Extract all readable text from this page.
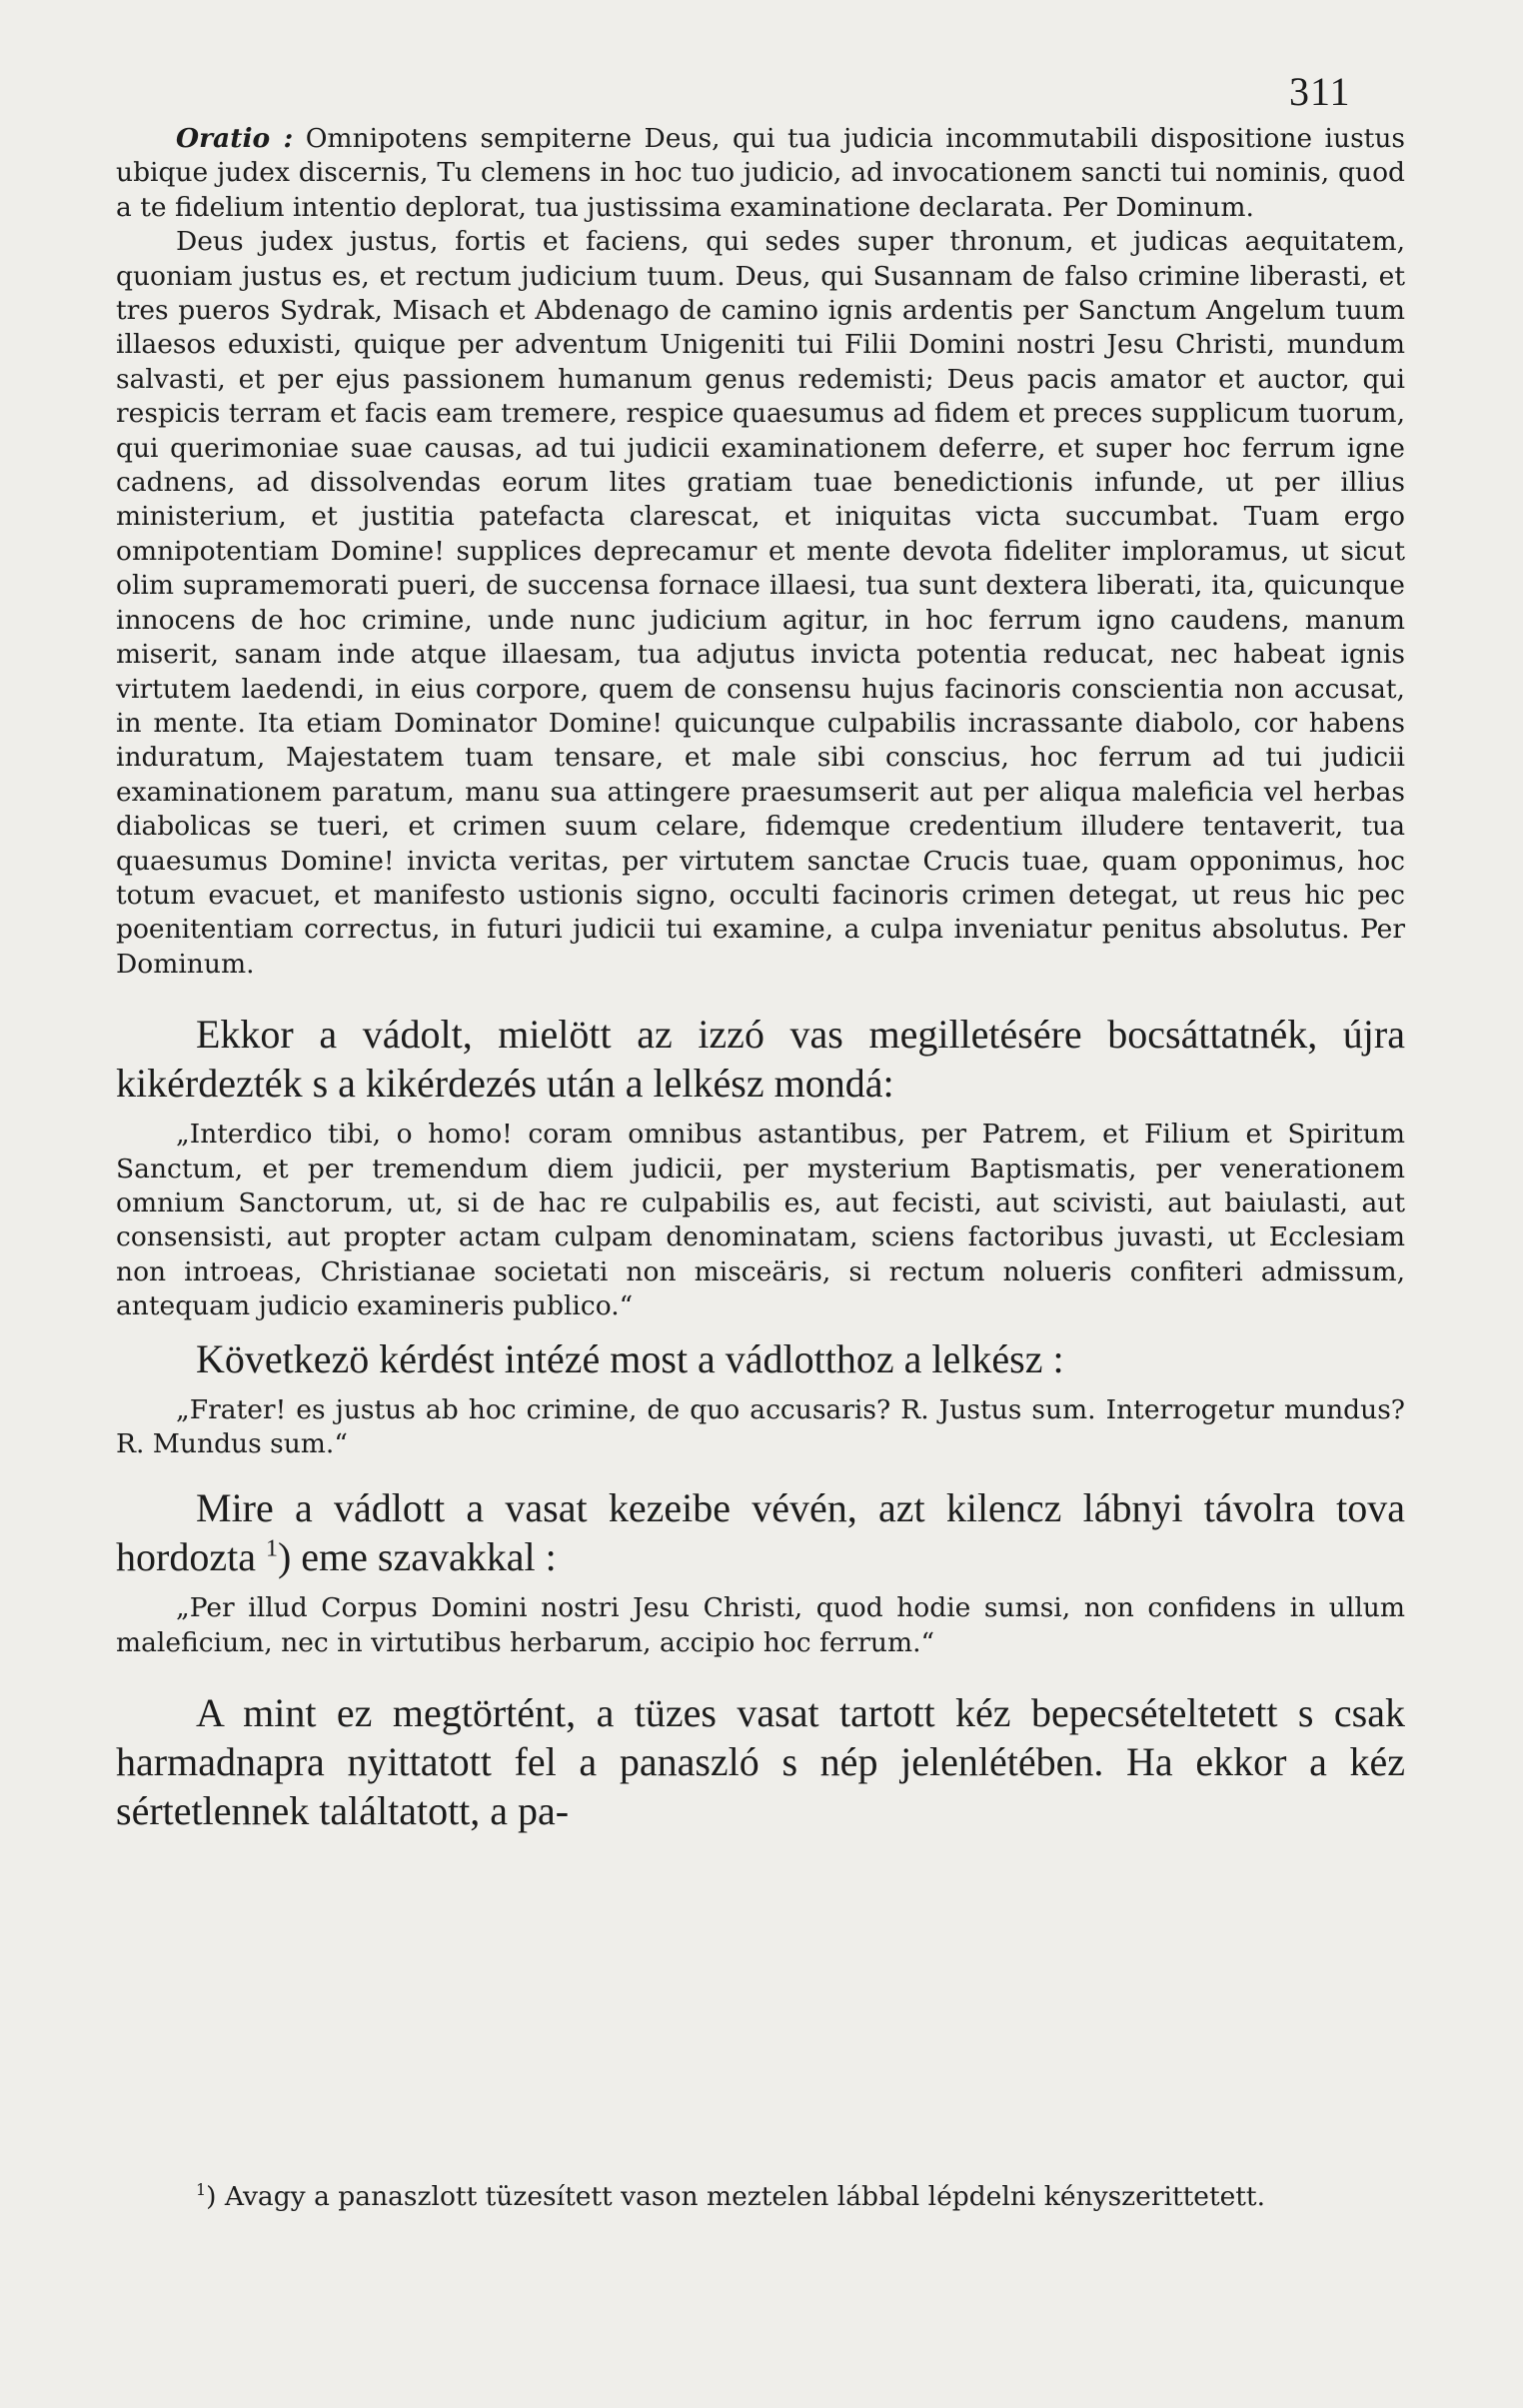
311

Oratio : Omnipotens sempiterne Deus, qui tua judicia incommutabili dispositione iustus ubique judex discernis, Tu clemens in hoc tuo judicio, ad invocationem sancti tui nominis, quod a te fidelium intentio deplorat, tua justissima examinatione declarata. Per Dominum.

Deus judex justus, fortis et faciens, qui sedes super thronum, et judicas aequitatem, quoniam justus es, et rectum judicium tuum. Deus, qui Susannam de falso crimine liberasti, et tres pueros Sydrak, Misach et Abdenago de camino ignis ardentis per Sanctum Angelum tuum illaesos eduxisti, quique per adventum Unigeniti tui Filii Domini nostri Jesu Christi, mundum salvasti, et per ejus passionem humanum genus redemisti; Deus pacis amator et auctor, qui respicis terram et facis eam tremere, respice quaesumus ad fidem et preces supplicum tuorum, qui querimoniae suae causas, ad tui judicii examinationem deferre, et super hoc ferrum igne cadnens, ad dissolvendas eorum lites gratiam tuae benedictionis infunde, ut per illius ministerium, et justitia patefacta clarescat, et iniquitas victa succumbat. Tuam ergo omnipotentiam Domine! supplices deprecamur et mente devota fideliter imploramus, ut sicut olim supramemorati pueri, de succensa fornace illaesi, tua sunt dextera liberati, ita, quicunque innocens de hoc crimine, unde nunc judicium agitur, in hoc ferrum igno caudens, manum miserit, sanam inde atque illaesam, tua adjutus invicta potentia reducat, nec habeat ignis virtutem laedendi, in eius corpore, quem de consensu hujus facinoris conscientia non accusat, in mente. Ita etiam Dominator Domine! quicunque culpabilis incrassante diabolo, cor habens induratum, Majestatem tuam tensare, et male sibi conscius, hoc ferrum ad tui judicii examinationem paratum, manu sua attingere praesumserit aut per aliqua maleficia vel herbas diabolicas se tueri, et crimen suum celare, fidemque credentium illudere tentaverit, tua quaesumus Domine! invicta veritas, per virtutem sanctae Crucis tuae, quam opponimus, hoc totum evacuet, et manifesto ustionis signo, occulti facinoris crimen detegat, ut reus hic pec poenitentiam correctus, in futuri judicii tui examine, a culpa inveniatur penitus absolutus. Per Dominum.

Ekkor a vádolt, mielött az izzó vas megilletésére bocsáttatnék, újra kikérdezték s a kikérdezés után a lelkész mondá:

„Interdico tibi, o homo! coram omnibus astantibus, per Patrem, et Filium et Spiritum Sanctum, et per tremendum diem judicii, per mysterium Baptismatis, per venerationem omnium Sanctorum, ut, si de hac re culpabilis es, aut fecisti, aut scivisti, aut baiulasti, aut consensisti, aut propter actam culpam denominatam, sciens factoribus juvasti, ut Ecclesiam non introeas, Christianae societati non misceäris, si rectum nolueris confiteri admissum, antequam judicio examineris publico.“

Következö kérdést intézé most a vádlotthoz a lelkész :

„Frater! es justus ab hoc crimine, de quo accusaris? R. Justus sum. Interrogetur mundus? R. Mundus sum.“

Mire a vádlott a vasat kezeibe vévén, azt kilencz lábnyi távolra tova hordozta $^1$) eme szavakkal :

„Per illud Corpus Domini nostri Jesu Christi, quod hodie sumsi, non confidens in ullum maleficium, nec in virtutibus herbarum, accipio hoc ferrum.“

A mint ez megtörtént, a tüzes vasat tartott kéz bepecsételtetett s csak harmadnapra nyittatott fel a panaszló s nép jelenlétében. Ha ekkor a kéz sértetlennek találtatott, a pa-

$^1$) Avagy a panaszlott tüzesített vason meztelen lábbal lépdelni kényszerittetett.
